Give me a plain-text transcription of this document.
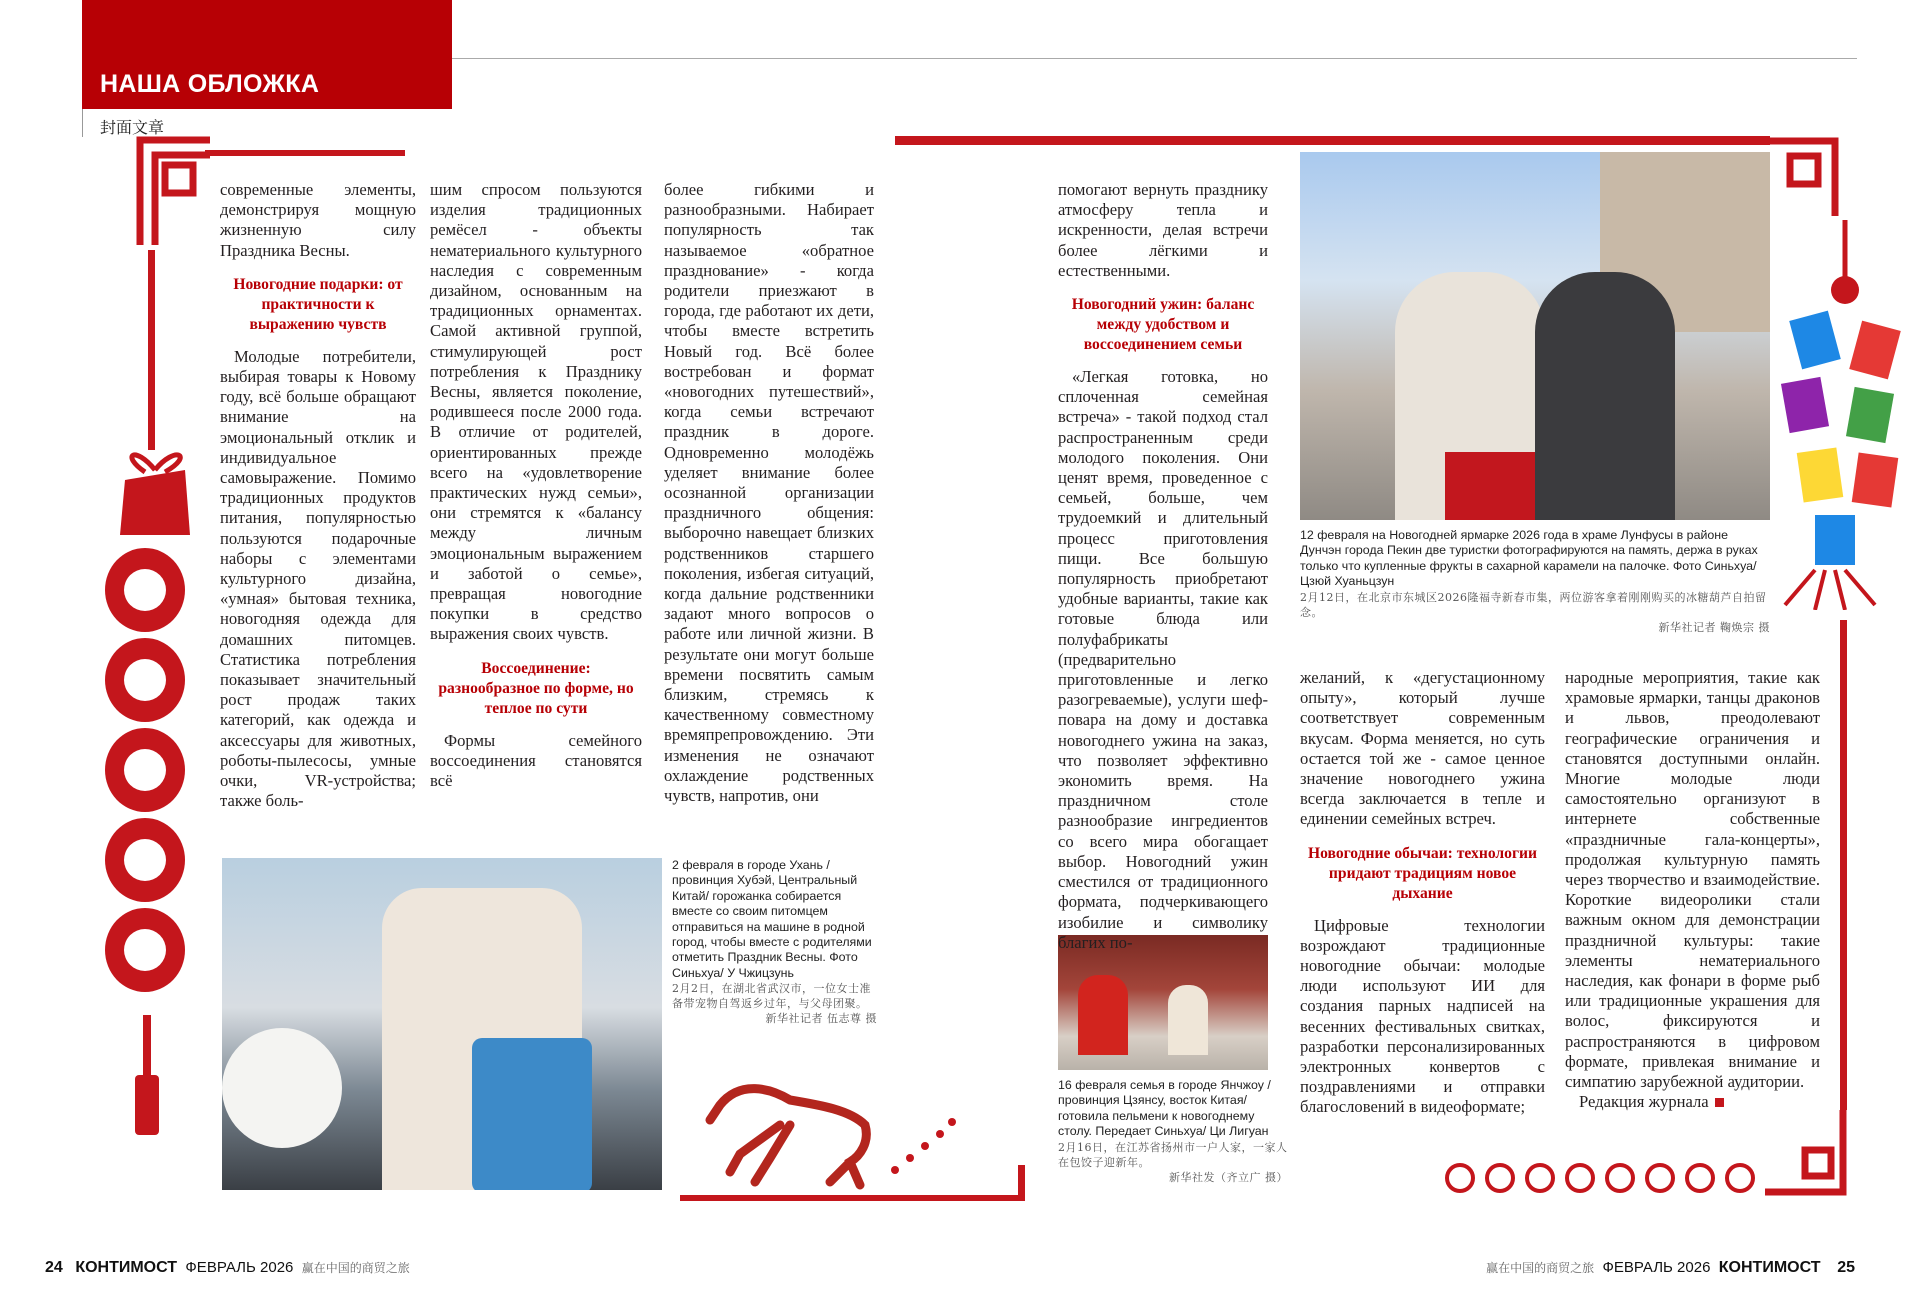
НАША ОБЛОЖКА
封面文章

современные элементы, демонстрируя мощную жизненную силу Праздника Весны.

Новогодние подарки: от практичности к выражению чувств

Молодые потребители, выбирая товары к Новому году, всё больше обращают внимание на эмоциональный отклик и индивидуальное самовыражение. Помимо традиционных продуктов питания, популярностью пользуются подарочные наборы с элементами культурного дизайна, «умная» бытовая техника, новогодняя одежда для домашних питомцев. Статистика потребления показывает значительный рост продаж таких категорий, как одежда и аксессуары для животных, роботы-пылесосы, умные очки, VR-устройства; также боль-

шим спросом пользуются изделия традиционных ремёсел - объекты нематериального культурного наследия с современным дизайном, основанным на традиционных орнаментах. Самой активной группой, стимулирующей рост потребления к Празднику Весны, является поколение, родившееся после 2000 года. В отличие от родителей, ориентированных прежде всего на «удовлетворение практических нужд семьи», они стремятся к «балансу между личным эмоциональным выражением и заботой о семье», превращая новогодние покупки в средство выражения своих чувств.

Воссоединение: разнообразное по форме, но теплое по сути

Формы семейного воссоединения становятся всё

более гибкими и разнообразными. Набирает популярность так называемое «обратное празднование» - когда родители приезжают в города, где работают их дети, чтобы вместе встретить Новый год. Всё более востребован и формат «новогодних путешествий», когда семьи встречают праздник в дороге. Одновременно молодёжь уделяет внимание более осознанной организации праздничного общения: выборочно навещает близких родственников старшего поколения, избегая ситуаций, когда дальние родственники задают много вопросов о работе или личной жизни. В результате они могут больше времени посвятить самым близким, стремясь к качественному совместному времяпрепровождению. Эти изменения не означают охлаждение родственных чувств, напротив, они

2 февраля в городе Ухань /провинция Хубэй, Центральный Китай/ горожанка собирается вместе со своим питомцем отправиться на машине в родной город, чтобы вместе с родителями отметить Праздник Весны. Фото Синьхуа/ У Чжицзунь
2月2日，在湖北省武汉市，一位女士准备带宠物自驾返乡过年，与父母团聚。
新华社记者 伍志尊 摄

помогают вернуть празднику атмосферу тепла и искренности, делая встречи более лёгкими и естественными.

Новогодний ужин: баланс между удобством и воссоединением семьи

«Легкая готовка, но сплоченная семейная встреча» - такой подход стал распространенным среди молодого поколения. Они ценят время, проведенное с семьей, больше, чем трудоемкий и длительный процесс приготовления пищи. Все большую популярность приобретают удобные варианты, такие как готовые блюда или полуфабрикаты (предварительно приготовленные и легко разогреваемые), услуги шеф-повара на дому и доставка новогоднего ужина на заказ, что позволяет эффективно экономить время. На праздничном столе разнообразие ингредиентов со всего мира обогащает выбор. Новогодний ужин сместился от традиционного формата, подчеркивающего изобилие и символику благих по-

12 февраля на Новогодней ярмарке 2026 года в храме Лунфусы в районе Дунчэн города Пекин две туристки фотографируются на память, держа в руках только что купленные фрукты в сахарной карамели на палочке. Фото Синьхуа/ Цзюй Хуаньцзун
2月12日，在北京市东城区2026隆福寺新春市集，两位游客拿着刚刚购买的冰糖葫芦自拍留念。
新华社记者 鞠焕宗 摄

желаний, к «дегустационному опыту», который лучше соответствует современным вкусам. Форма меняется, но суть остается той же - самое ценное значение новогоднего ужина всегда заключается в тепле и единении семейных встреч.

Новогодние обычаи: технологии придают традициям новое дыхание

Цифровые технологии возрождают традиционные новогодние обычаи: молодые люди используют ИИ для создания парных надписей на весенних фестивальных свитках, разработки персонализированных электронных конвертов с поздравлениями и отправки благословений в видеоформате;

народные мероприятия, такие как храмовые ярмарки, танцы драконов и львов, преодолевают географические ограничения и становятся доступными онлайн. Многие молодые люди самостоятельно организуют в интернете собственные «праздничные гала-концерты», продолжая культурную память через творчество и взаимодействие. Короткие видеоролики стали важным окном для демонстрации праздничной культуры: такие элементы нематериального наследия, как фонари в форме рыб или традиционные украшения для волос, фиксируются и распространяются в цифровом формате, привлекая внимание и симпатию зарубежной аудитории.

Редакция журнала

16 февраля семья в городе Янчжоу /провинция Цзянсу, восток Китая/ готовила пельмени к новогоднему столу. Передает Синьхуа/ Ци Лигуан
2月16日，在江苏省扬州市一户人家，一家人在包饺子迎新年。
新华社发（齐立广 摄）
24 КОНТИМОСТ ФЕВРАЛЬ 2026 赢在中国的商贸之旅	赢在中国的商贸之旅 ФЕВРАЛЬ 2026 КОНТИМОСТ 25
